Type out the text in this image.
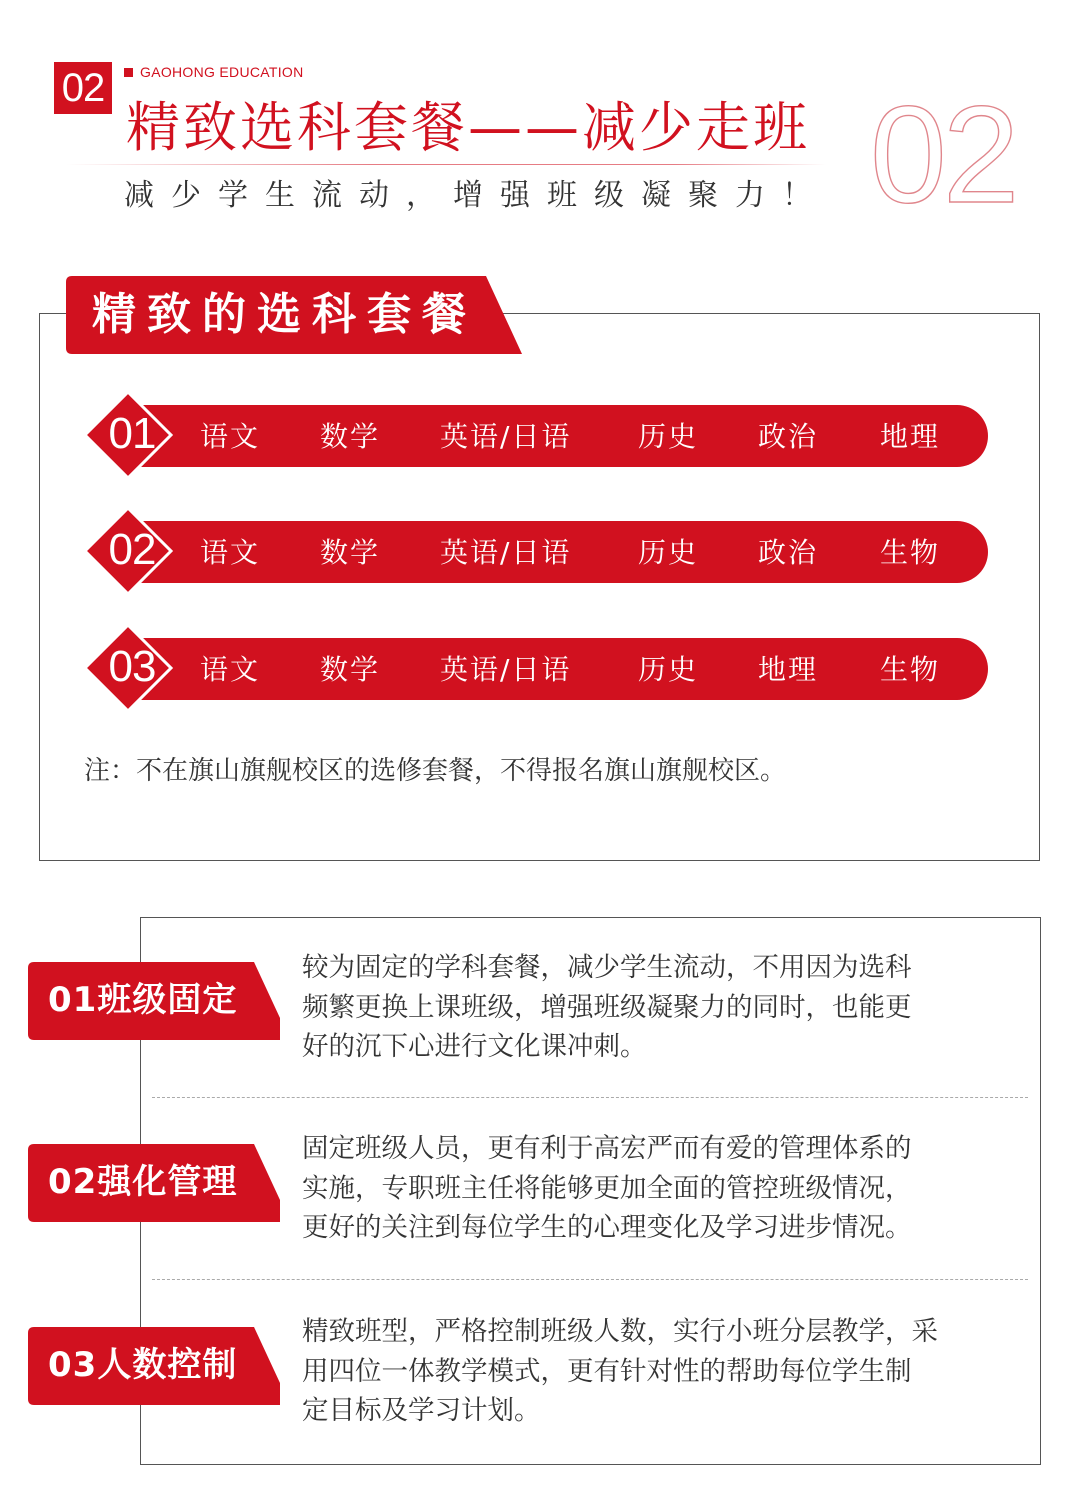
02	GAOHONG EDUCATION
精致选科套餐——减少走班
减少学生流动，增强班级凝聚力！ 02
精致的选科套餐
01	语文 数学 英语/日语 历史 政治 地理
02	语文 数学 英语/日语 历史 政治 生物
03	语文 数学 英语/日语 历史 地理 生物
注：不在旗山旗舰校区的选修套餐，不得报名旗山旗舰校区。
01班级固定
较为固定的学科套餐，减少学生流动，不用因为选科
频繁更换上课班级，增强班级凝聚力的同时，也能更
好的沉下心进行文化课冲刺。
02强化管理
固定班级人员，更有利于高宏严而有爱的管理体系的
实施，专职班主任将能够更加全面的管控班级情况，
更好的关注到每位学生的心理变化及学习进步情况。
03人数控制
精致班型，严格控制班级人数，实行小班分层教学，采
用四位一体教学模式，更有针对性的帮助每位学生制
定目标及学习计划。
